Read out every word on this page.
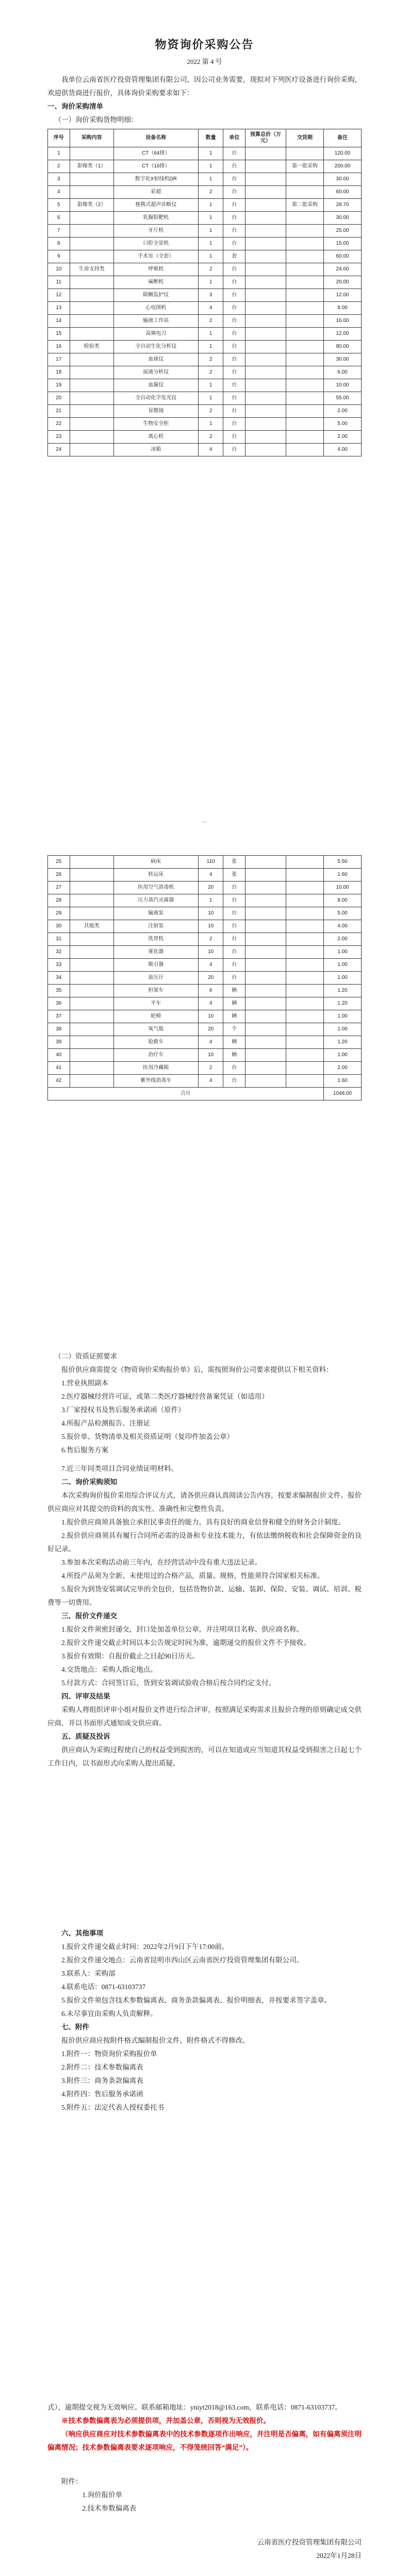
物资询价采购公告
2022 第 4 号

我单位云南省医疗投资管理集团有限公司，因公司业务需要，现拟对下列医疗设备进行询价采购，欢迎供货商进行报价，具体询价采购要求如下：

一、询价采购清单

（一）询价采购货物明细：

序号	采购内容	设备名称	数量	单位	预算总价（万元）	交货期	备注
1		CT（64排）	1	台			120.00
2	影像类（1）	CT（16排）	1	台		第一批采购	200.00
3		数字化X射线机DR	1	台			30.00
4		彩超	2	台			60.00
5	影像类（2）	便携式超声诊断仪	1	台		第二批采购	28.70
6		乳腺钼靶机	1	台			30.00
7		牙片机	1	台			25.00
8		口腔全景机	1	台			15.00
9		手术室（全套）	1	套			60.00
10	生命支持类	呼吸机	2	台			24.00
11		麻醉机	1	台			20.00
12		除颤监护仪	3	台			12.00
13		心电图机	4	台			8.00
14		输液工作站	2	台			16.00
15		高频电刀	1	台			12.00
16	检验类	全自动生化分析仪	1	台			80.00
17		血球仪	2	台			30.00
18		尿液分析仪	2	台			6.00
19		血凝仪	1	台			10.00
20		全自动化学发光仪	1	台			55.00
21		显微镜	2	台			2.00
22		生物安全柜	1	台			5.00
23		离心机	2	台			2.00
24		冰箱	4	台			4.00
—
25		病床	110	张			5.50
26		转运床	4	张			1.60
27		医用空气消毒机	20	台			10.00
28		压力蒸汽灭菌器	1	台			8.00
29		输液泵	10	台			5.00
30	其他类	注射泵	10	台			4.00
31		洗胃机	2	台			2.00
32		雾化器	10	台			1.00
33		吸引器	4	台			1.00
34		血压计	20	台			1.00
35		担架车	6	辆			1.20
36		平车	4	辆			1.20
37		轮椅	10	辆			1.00
38		氧气瓶	20	个			1.00
39		抢救车	4	辆			1.20
40		治疗车	10	辆			1.00
41		医用冷藏箱	2	台			2.00
42		紫外线消毒车	4	台			1.60
合计							1048.00

（二）资质证照要求

报价供应商需提交《物资询价采购报价单》后，需按照询价公司要求提供以下相关资料：

1.营业执照副本

2.医疗器械经营许可证，或第二类医疗器械经营备案凭证（如适用）

3.厂家授权书及售后服务承诺函（原件）

4.所报产品检测报告、注册证

5.报价单、货物清单及相关资质证明（复印件加盖公章）

6.售后服务方案

7.近三年同类项目合同业绩证明材料。

二、询价采购须知

本次采购询价报价采用综合评议方式，请各供应商认真阅读公告内容，按要求编制报价文件。报价供应商应对其提交的资料的真实性、准确性和完整性负责。

1.报价供应商须具备独立承担民事责任的能力，具有良好的商业信誉和健全的财务会计制度。

2.报价供应商须具有履行合同所必需的设备和专业技术能力，有依法缴纳税收和社会保障资金的良好记录。

3.参加本次采购活动前三年内，在经营活动中没有重大违法记录。

4.所投产品须为全新、未使用过的合格产品，质量、规格、性能须符合国家相关标准。

5.报价为到货安装调试完毕的全包价，包括货物价款、运输、装卸、保险、安装、调试、培训、税费等一切费用。

三、报价文件递交

1.报价文件须密封递交，封口处加盖单位公章，并注明项目名称、供应商名称。

2.报价文件递交截止时间以本公告规定时间为准，逾期递交的报价文件不予接收。

3.报价有效期：自报价截止之日起90日历天。

4.交货地点：采购人指定地点。

5.付款方式：合同签订后，货到安装调试验收合格后按合同约定支付。

四、评审及结果

采购人将组织评审小组对报价文件进行综合评审，按照满足采购需求且报价合理的原则确定成交供应商，并以书面形式通知成交供应商。

五、质疑及投诉

供应商认为采购过程使自己的权益受到损害的，可以在知道或应当知道其权益受到损害之日起七个工作日内，以书面形式向采购人提出质疑。

六、其他事项

1.报价文件递交截止时间：2022年2月9日下午17:00前。

2.报价文件递交地点：云南省昆明市西山区云南省医疗投资管理集团有限公司。

3.联系人：采购部

4.联系电话：0871-63103737

5.报价文件须包含技术参数偏离表、商务条款偏离表、报价明细表，并按要求签字盖章。

6.未尽事宜由采购人负责解释。

七、附件

报价供应商应按附件格式编制报价文件，附件格式不得修改。

1.附件一：物资询价采购报价单

2.附件二：技术参数偏离表

3.附件三：商务条款偏离表

4.附件四：售后服务承诺函

5.附件五：法定代表人授权委托书

式），逾期提交视为无效响应。联系邮箱地址：yniyt2018@163.com，联系电话：0871-63103737。

※技术参数偏离表为必须提供项，并加盖公章，否则视为无效报价。

（响应供应商应对技术参数偏离表中的技术参数逐项作出响应，并注明是否偏离，如有偏离须注明偏离情况；技术参数偏离表要求逐项响应，不得笼统回答“满足”）。

附件：

1.询价报价单

2.技术参数偏离表

云南省医疗投资管理集团有限公司

2022年1月28日
